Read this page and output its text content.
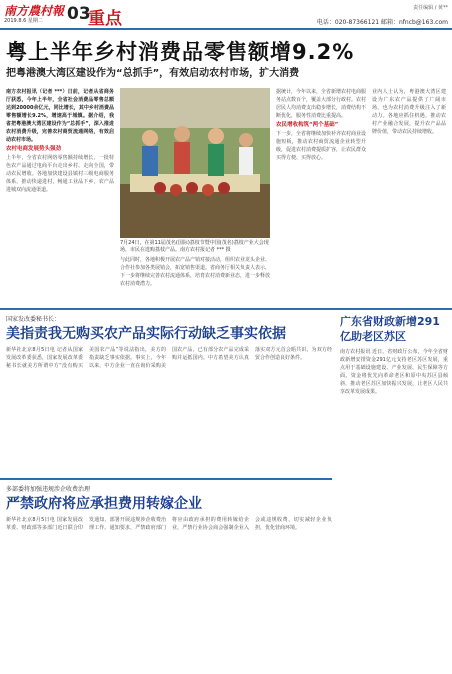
南方農村報
2019.8.6 星期二 03
重点
责任编辑 / 黄**
电话：020-87366121 邮箱：nfncb@163.com
粤上半年乡村消费品零售额增9.2%
把粤港澳大湾区建设作为“总抓手”，有效启动农村市场，扩大消费

南方农村报讯（记者 ***）日前，记者从省商务厅获悉，今年上半年，全省社会消费品零售总额达到20000余亿元，同比增长，其中乡村消费品零售额增长9.2%，增速高于城镇。据介绍，我省把粤港澳大湾区建设作为“总抓手”，深入推进农村消费升级，完善农村商贸流通网络，有效启动农村市场。

农村电商发展势头强劲

上半年，全省农村网络零售额持续增长，一批特色农产品通过电商平台走出乡村、走向全国，带动农民增收。各地加快建设县镇村三级电商服务体系，推动快递进村，畅通工业品下乡、农产品进城双向流通渠道。

7月24日，在第11届茂名(国际)荔枝节暨中国(茂名)荔枝产业大会现场，市民在选购荔枝产品。南方农村报记者 *** 摄

与此同时，各地积极开展农产品产销对接活动，组织农业龙头企业、合作社参加各类展销会，拓宽销售渠道。省商务厅相关负责人表示，下一步将继续完善农村流通体系，培育农村消费新业态，进一步释放农村消费潜力。

据统计，今年以来，全省新增农村电商服务站点数百个，覆盖大部分行政村。农村居民人均消费支出稳步增长，消费结构不断优化，服务性消费比重提高。

农民增收构筑“两个基础”

下一步，全省将继续加快补齐农村商业设施短板，推动农村商贸流通企业转型升级，促进农村消费提质扩容，让农民群众买得方便、买得放心。

业内人士认为，粤港澳大湾区建设为广东农产品提供了广阔市场，也为农村消费升级注入了新动力。各地应抓住机遇，推动农村产业融合发展，提升农产品品牌价值，带动农民持续增收。

国家发改委秘书长：
美指责我无购买农产品实际行动缺乏事实依据

新华社北京8月5日电 记者从国家发展改革委获悉，国家发展改革委秘书长就美方所谓中方“没有购买美国农产品”等说法指出，美方的指责缺乏事实依据。事实上，今年以来，中方企业一直在询价采购美国农产品，已有部分农产品完成采购并运抵国内。中方希望美方认真落实双方元首会晤共识，为双方经贸合作创造良好条件。

广东省财政新增291亿助老区苏区

南方农村报讯 近日，省财政厅公布，今年全省财政新增安排资金291亿元支持老区苏区发展，重点用于基础设施建设、产业发展、民生保障等方面。资金将优先向革命老区和原中央苏区县倾斜，推动老区苏区加快振兴发展，让老区人民共享改革发展成果。

多部委将加强违规涉企收费治理
严禁政府将应承担费用转嫁企业

新华社北京8月5日电 国家发展改革委、财政部等多部门近日联合印发通知，部署开展违规涉企收费治理工作。通知要求，严禁政府部门将应由政府承担的费用转嫁给企业，严禁行业协会商会强制企业入会或违规收费，切实减轻企业负担，优化营商环境。
